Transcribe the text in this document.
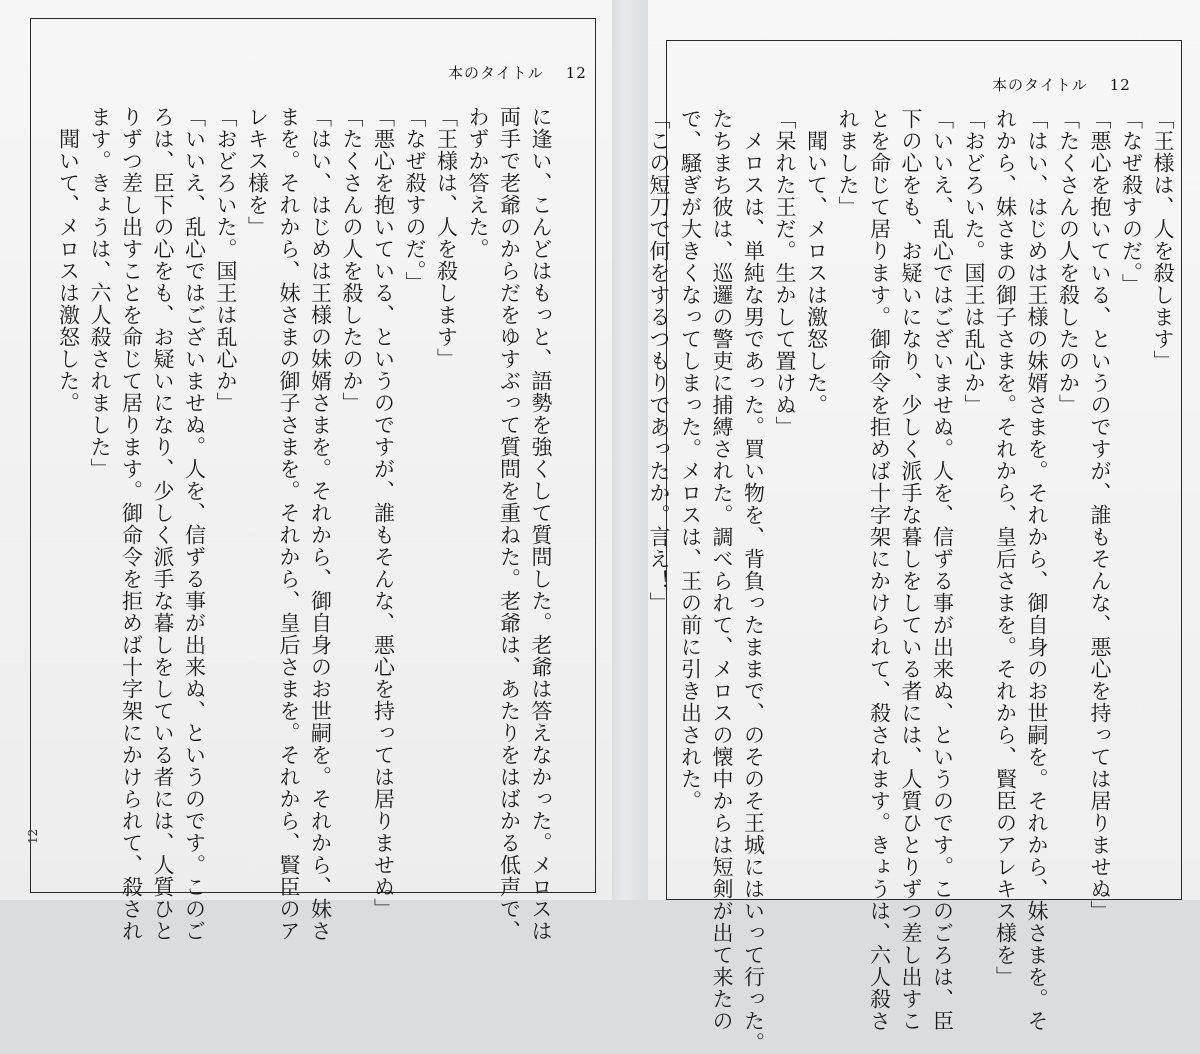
本のタイトル 12
に逢い、こんどはもっと、語勢を強くして質問した。老爺は答えなかった。メロスは
両手で老爺のからだをゆすぶって質問を重ねた。老爺は、あたりをはばかる低声で、
わずか答えた。
「王様は、人を殺します」
「なぜ殺すのだ。」
「悪心を抱いている、というのですが、誰もそんな、悪心を持っては居りませぬ」
「たくさんの人を殺したのか」
「はい、はじめは王様の妹婿さまを。それから、御自身のお世嗣を。それから、妹さ
まを。それから、妹さまの御子さまを。それから、皇后さまを。それから、賢臣のア
レキス様を」
「おどろいた。国王は乱心か」
「いいえ、乱心ではございませぬ。人を、信ずる事が出来ぬ、というのです。このご
ろは、臣下の心をも、お疑いになり、少しく派手な暮しをしている者には、人質ひと
りずつ差し出すことを命じて居ります。御命令を拒めば十字架にかけられて、殺され
ます。きょうは、六人殺されました」
　聞いて、メロスは激怒した。
12
本のタイトル 12
「王様は、人を殺します」
「なぜ殺すのだ。」
「悪心を抱いている、というのですが、誰もそんな、悪心を持っては居りませぬ」
「たくさんの人を殺したのか」
「はい、はじめは王様の妹婿さまを。それから、御自身のお世嗣を。それから、妹さまを。そ
れから、妹さまの御子さまを。それから、皇后さまを。それから、賢臣のアレキス様を」
「おどろいた。国王は乱心か」
「いいえ、乱心ではございませぬ。人を、信ずる事が出来ぬ、というのです。このごろは、臣
下の心をも、お疑いになり、少しく派手な暮しをしている者には、人質ひとりずつ差し出すこ
とを命じて居ります。御命令を拒めば十字架にかけられて、殺されます。きょうは、六人殺さ
れました」
　聞いて、メロスは激怒した。
「呆れた王だ。生かして置けぬ」
　メロスは、単純な男であった。買い物を、背負ったままで、のそのそ王城にはいって行った。
たちまち彼は、巡邏の警吏に捕縛された。調べられて、メロスの懐中からは短剣が出て来たの
で、騒ぎが大きくなってしまった。メロスは、王の前に引き出された。
「この短刀で何をするつもりであったか。言え！」
